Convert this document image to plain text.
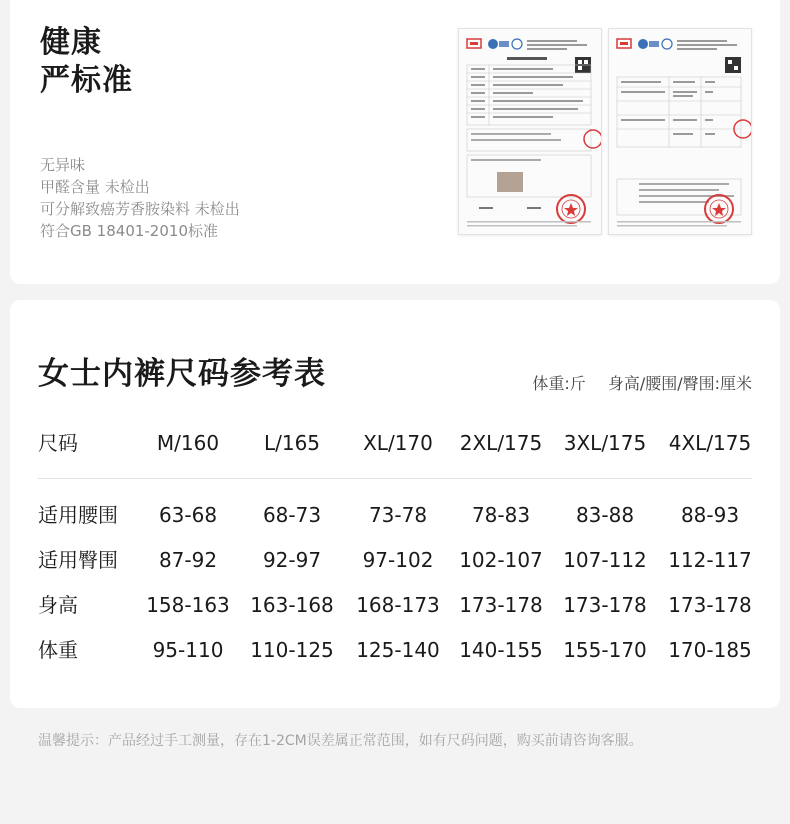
健康
严标准
无异味
甲醛含量 未检出
可分解致癌芳香胺染料 未检出
符合GB 18401-2010标准
女士内裤尺码参考表	体重:斤 身高/腰围/臀围:厘米
尺码	M/160	L/165	XL/170	2XL/175	3XL/175	4XL/175
适用腰围	63-68	68-73	73-78	78-83	83-88	88-93
适用臀围	87-92	92-97	97-102	102-107	107-112	112-117
身高	158-163	163-168	168-173 173-178	173-178	173-178
体重	95-110	110-125	125-140 140-155	155-170	170-185
温馨提示：产品经过手工测量，存在1-2CM误差属正常范围，如有尺码问题，购买前请咨询客服。
